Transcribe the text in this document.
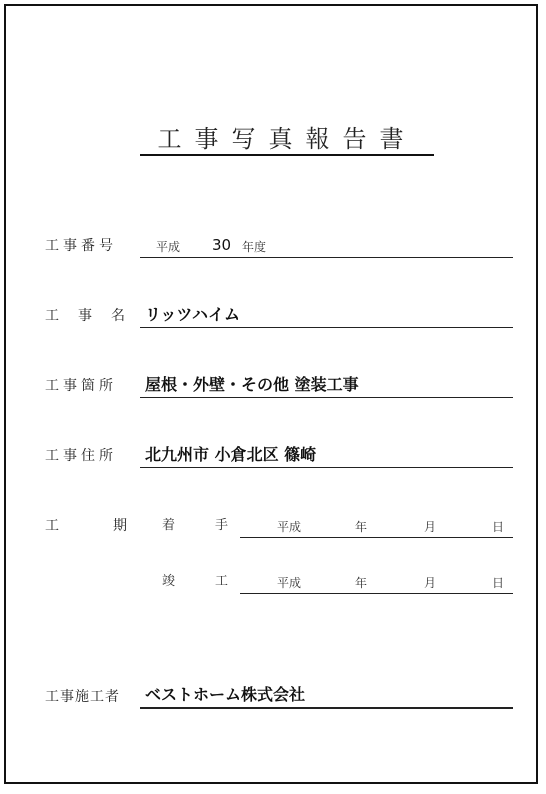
工事写真報告書
工事番号	平成 30 年度
工事名 リッツハイム
工事箇所 屋根・外壁・その他 塗装工事
工事住所 北九州市 小倉北区 篠崎
工期
着手 平成	年	月	日
竣工 平成	年	月	日
工事施工者 ベストホーム株式会社
